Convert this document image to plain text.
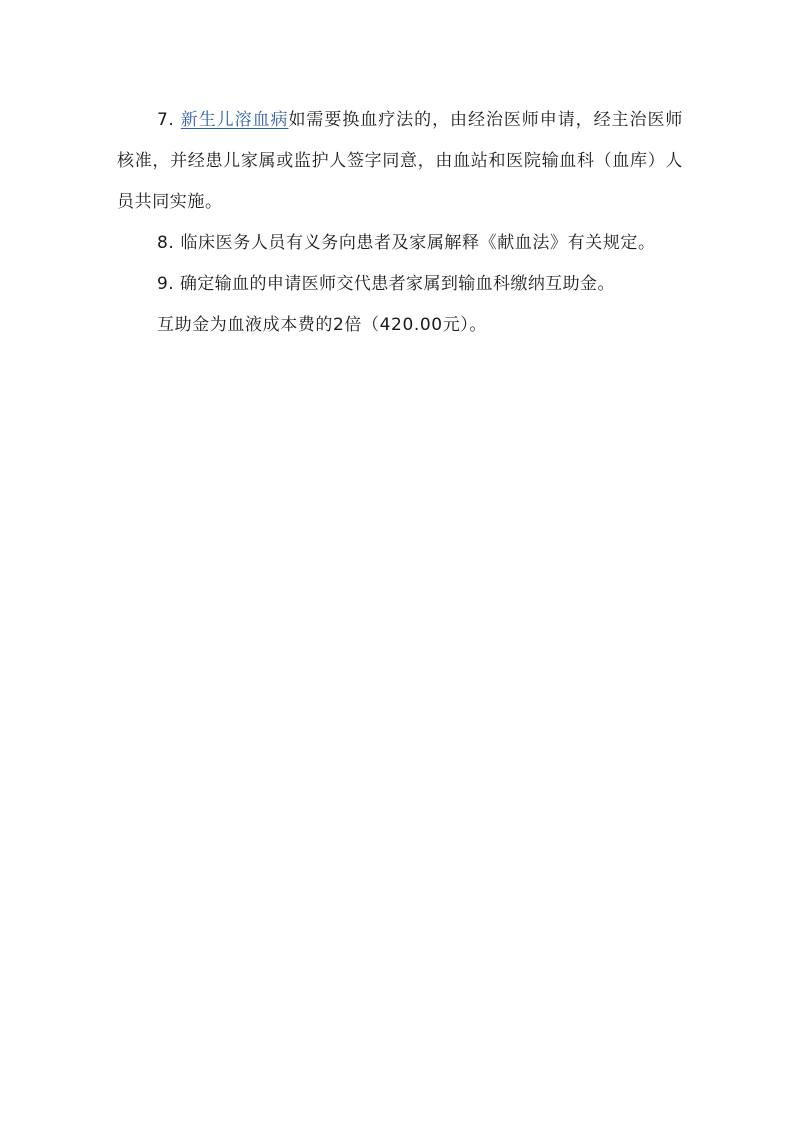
7. 新生儿溶血病如需要换血疗法的，由经治医师申请，经主治医师核准，并经患儿家属或监护人签字同意，由血站和医院输血科（血库）人员共同实施。

8. 临床医务人员有义务向患者及家属解释《献血法》有关规定。

9. 确定输血的申请医师交代患者家属到输血科缴纳互助金。

互助金为血液成本费的2倍（420.00元）。
